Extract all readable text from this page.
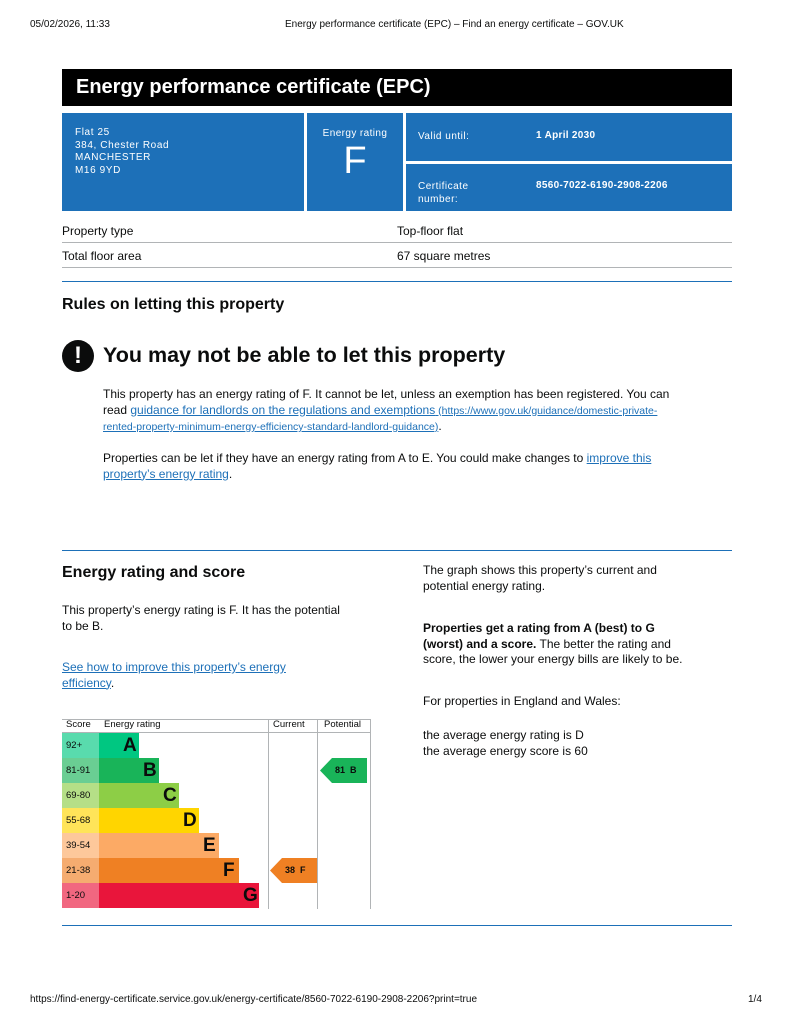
05/02/2026, 11:33	Energy performance certificate (EPC) – Find an energy certificate – GOV.UK
Energy performance certificate (EPC)
Flat 25
384, Chester Road
MANCHESTER
M16 9YD
Energy rating
F
Valid until:	1 April 2030
Certificate
number:
8560-7022-6190-2908-2206
Property type	Top-floor flat
Total floor area	67 square metres
Rules on letting this property
! You may not be able to let this property
This property has an energy rating of F. It cannot be let, unless an exemption has been registered. You can
read guidance for landlords on the regulations and exemptions (https://www.gov.uk/guidance/domestic-private-
rented-property-minimum-energy-efficiency-standard-landlord-guidance).
Properties can be let if they have an energy rating from A to E. You could make changes to improve this
property’s energy rating.
Energy rating and score
This property’s energy rating is F. It has the potential
to be B.
See how to improve this property’s energy
efficiency.
The graph shows this property’s current and
potential energy rating.
Properties get a rating from A (best) to G
(worst) and a score. The better the rating and
score, the lower your energy bills are likely to be.
For properties in England and Wales:
the average energy rating is D
the average energy score is 60
Score Energy rating	Current Potential
92+	A
81-91	B
69-80	C
55-68	D
39-54	E
21-38	F
1-20	G
38  F
81  B
https://find-energy-certificate.service.gov.uk/energy-certificate/8560-7022-6190-2908-2206?print=true	1/4
